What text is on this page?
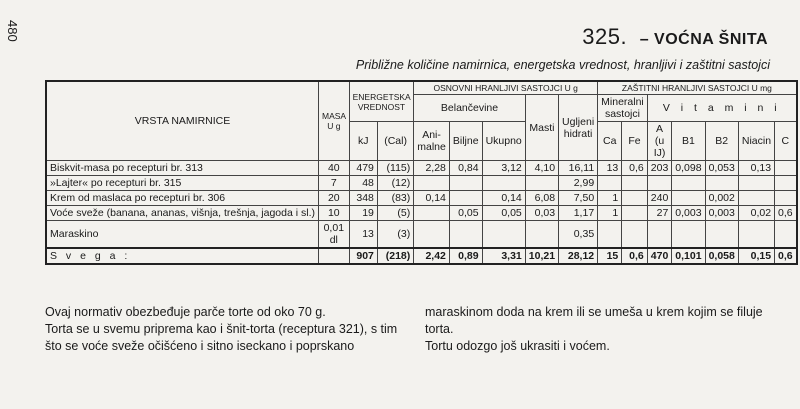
480	325. – VOĆNA ŠNITA
Približne količine namirnica, energetska vrednost, hranljivi i zaštitni sastojci
VRSTA NAMIRNICE	MASA U g	ENERGETSKA VREDNOST		OSNOVNI HRANLJIVI SASTOJCI U g					ZAŠTITNI HRANLJIVI SASTOJCI U mg						
				Belančevine			Masti	Ugljeni hidrati	Mineralni sastojci		V i t a m i n i				
		kJ	(Cal)	Ani- malne	Biljne	Ukupno			Ca	Fe	A (u IJ)	B1	B2	Niacin	C
Biskvit-masa po recepturi br. 313	40	479	(115)	2,28	0,84	3,12	4,10	16,11	13	0,6	203	0,098	0,053	0,13	
»Lajter« po recepturi br. 315	7	48	(12)					2,99							
Krem od maslaca po recepturi br. 306	20	348	(83)	0,14		0,14	6,08	7,50	1		240		0,002		
Voće sveže (banana, ananas, višnja, trešnja, jagoda i sl.)	10	19	(5)		0,05	0,05	0,03	1,17	1		27	0,003	0,003	0,02	0,6
Maraskino	0,01 dl	13	(3)					0,35							
S v e g a :		907	(218)	2,42	0,89	3,31	10,21	28,12	15	0,6	470	0,101	0,058	0,15	0,6

Ovaj normativ obezbeđuje parče torte od oko 70 g.

Torta se u svemu priprema kao i šnit-torta (receptura 321), s tim što se voće sveže očišćeno i sitno iseckano i poprskano

maraskinom doda na krem ili se umeša u krem kojim se filuje torta.

Tortu odozgo još ukrasiti i voćem.
